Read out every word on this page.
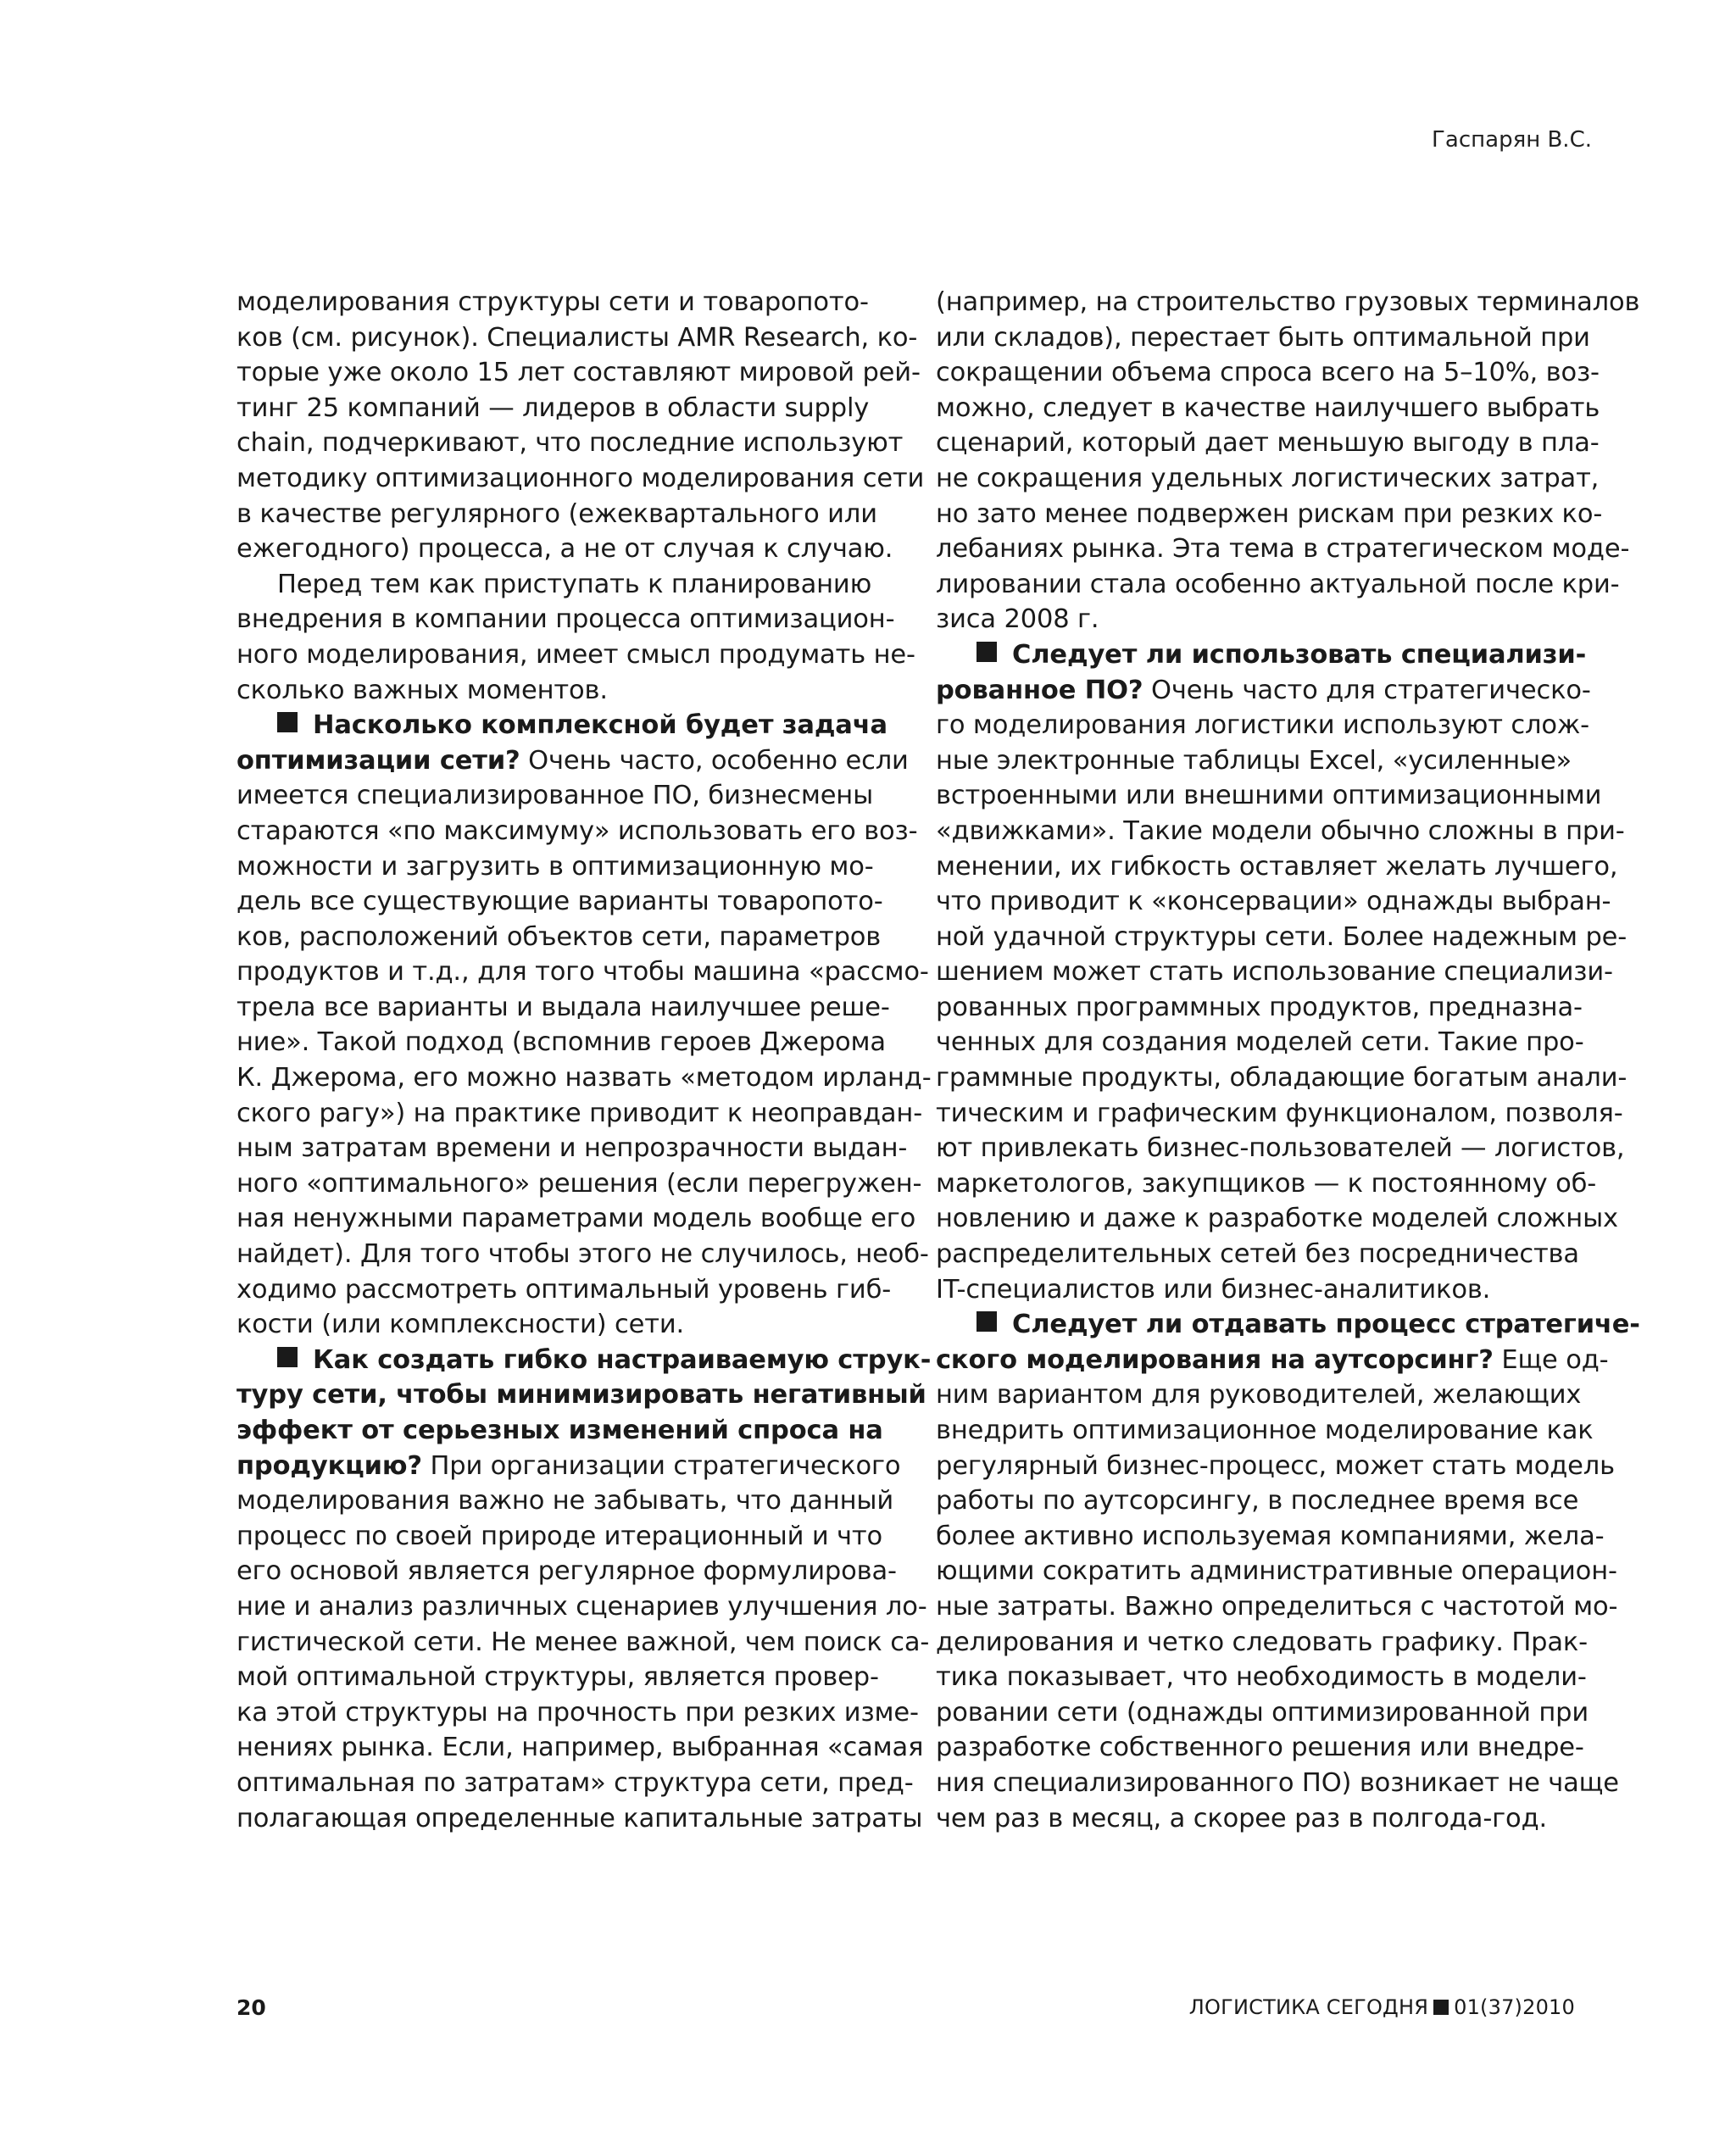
Гаспарян В.С.
моделирования структуры сети и товаропото-
ков (см. рисунок). Специалисты AMR Research, ко-
торые уже около 15 лет составляют мировой рей-
тинг 25 компаний — лидеров в области supply
chain, подчеркивают, что последние используют
методику оптимизационного моделирования сети
в качестве регулярного (ежеквартального или
ежегодного) процесса, а не от случая к случаю.
Перед тем как приступать к планированию
внедрения в компании процесса оптимизацион-
ного моделирования, имеет смысл продумать не-
сколько важных моментов.
Насколько комплексной будет задача
оптимизации сети? Очень часто, особенно если
имеется специализированное ПО, бизнесмены
стараются «по максимуму» использовать его воз-
можности и загрузить в оптимизационную мо-
дель все существующие варианты товаропото-
ков, расположений объектов сети, параметров
продуктов и т.д., для того чтобы машина «рассмо-
трела все варианты и выдала наилучшее реше-
ние». Такой подход (вспомнив героев Джерома
К. Джерома, его можно назвать «методом ирланд-
ского рагу») на практике приводит к неоправдан-
ным затратам времени и непрозрачности выдан-
ного «оптимального» решения (если перегружен-
ная ненужными параметрами модель вообще его
найдет). Для того чтобы этого не случилось, необ-
ходимо рассмотреть оптимальный уровень гиб-
кости (или комплексности) сети.
Как создать гибко настраиваемую струк-
туру сети, чтобы минимизировать негативный
эффект от серьезных изменений спроса на
продукцию? При организации стратегического
моделирования важно не забывать, что данный
процесс по своей природе итерационный и что
его основой является регулярное формулирова-
ние и анализ различных сценариев улучшения ло-
гистической сети. Не менее важной, чем поиск са-
мой оптимальной структуры, является провер-
ка этой структуры на прочность при резких изме-
нениях рынка. Если, например, выбранная «самая
оптимальная по затратам» структура сети, пред-
полагающая определенные капитальные затраты
(например, на строительство грузовых терминалов
или складов), перестает быть оптимальной при
сокращении объема спроса всего на 5–10%, воз-
можно, следует в качестве наилучшего выбрать
сценарий, который дает меньшую выгоду в пла-
не сокращения удельных логистических затрат,
но зато менее подвержен рискам при резких ко-
лебаниях рынка. Эта тема в стратегическом моде-
лировании стала особенно актуальной после кри-
зиса 2008 г.
Следует ли использовать специализи-
рованное ПО? Очень часто для стратегическо-
го моделирования логистики используют слож-
ные электронные таблицы Excel, «усиленные»
встроенными или внешними оптимизационными
«движками». Такие модели обычно сложны в при-
менении, их гибкость оставляет желать лучшего,
что приводит к «консервации» однажды выбран-
ной удачной структуры сети. Более надежным ре-
шением может стать использование специализи-
рованных программных продуктов, предназна-
ченных для создания моделей сети. Такие про-
граммные продукты, обладающие богатым анали-
тическим и графическим функционалом, позволя-
ют привлекать бизнес-пользователей — логистов,
маркетологов, закупщиков — к постоянному об-
новлению и даже к разработке моделей сложных
распределительных сетей без посредничества
IT-специалистов или бизнес-аналитиков.
Следует ли отдавать процесс стратегиче-
ского моделирования на аутсорсинг? Еще од-
ним вариантом для руководителей, желающих
внедрить оптимизационное моделирование как
регулярный бизнес-процесс, может стать модель
работы по аутсорсингу, в последнее время все
более активно используемая компаниями, жела-
ющими сократить административные операцион-
ные затраты. Важно определиться с частотой мо-
делирования и четко следовать графику. Прак-
тика показывает, что необходимость в модели-
ровании сети (однажды оптимизированной при
разработке собственного решения или внедре-
ния специализированного ПО) возникает не чаще
чем раз в месяц, а скорее раз в полгода-год.
20	ЛОГИСТИКА СЕГОДНЯ 01(37)2010
